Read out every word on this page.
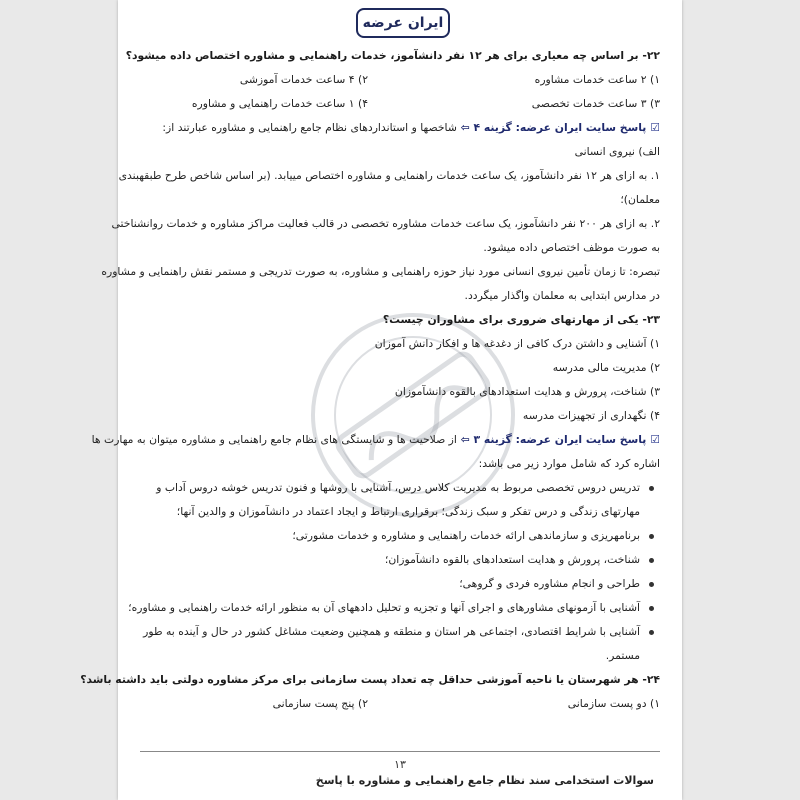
ایران عرضه
۲۲- بر اساس چه معیاری برای هر ۱۲ نفر دانشآموز، خدمات راهنمایی و مشاوره اختصاص داده میشود؟
۱) ۲ ساعت خدمات مشاوره
۲) ۴ ساعت خدمات آموزشی
۳) ۳ ساعت خدمات تخصصی
۴) ۱ ساعت خدمات راهنمایی و مشاوره
☑پاسخ سایت ایران عرضه: گزینه ۴ ⇦ شاخصها و استانداردهای نظام جامع راهنمایی و مشاوره عبارتند از:
الف) نیروی انسانی
۱. به ازای هر ۱۲ نفر دانشآموز، یک ساعت خدمات راهنمایی و مشاوره اختصاص مییابد. (بر اساس شاخص طرح طبقهبندی
معلمان)؛
۲. به ازای هر ۲۰۰ نفر دانشآموز، یک ساعت خدمات مشاوره تخصصی در قالب فعالیت مراکز مشاوره و خدمات روانشناختی
به صورت موظف اختصاص داده میشود.
تبصره: تا زمان تأمین نیروی انسانی مورد نیاز حوزه راهنمایی و مشاوره، به صورت تدریجی و مستمر نقش راهنمایی و مشاوره
در مدارس ابتدایی به معلمان واگذار میگردد.
۲۳- یکی از مهارتهای ضروری برای مشاوران چیست؟
۱) آشنایی و داشتن درک کافی از دغدغه ها و افکار دانش آموزان
۲) مدیریت مالی مدرسه
۳) شناخت، پرورش و هدایت استعدادهای بالقوه دانشآموزان
۴) نگهداری از تجهیزات مدرسه
☑پاسخ سایت ایران عرضه: گزینه ۳ ⇦ از صلاحیت ها و شایستگی های نظام جامع راهنمایی و مشاوره میتوان به مهارت ها
اشاره کرد که شامل موارد زیر می باشد:
تدریس دروس تخصصی مربوط به مدیریت کلاس درس، آشنایی با روشها و فنون تدریس خوشه دروس آداب و
مهارتهای زندگی و درس تفکر و سبک زندگی؛ برقراری ارتباط و ایجاد اعتماد در دانشآموزان و والدین آنها؛
برنامهریزی و سازماندهی ارائه خدمات راهنمایی و مشاوره و خدمات مشورتی؛
شناخت، پرورش و هدایت استعدادهای بالقوه دانشآموزان؛
طراحی و انجام مشاوره فردی و گروهی؛
آشنایی با آزمونهای مشاورهای و اجرای آنها و تجزیه و تحلیل دادههای آن به منظور ارائه خدمات راهنمایی و مشاوره؛
آشنایی با شرایط اقتصادی، اجتماعی هر استان و منطقه و همچنین وضعیت مشاغل کشور در حال و آینده به طور
مستمر.
۲۴- هر شهرستان یا ناحیه آموزشی حداقل چه تعداد پست سازمانی برای مرکز مشاوره دولتی باید داشته باشد؟
۱) دو پست سازمانی
۲) پنج پست سازمانی
۱۳
سوالات استخدامی سند نظام جامع راهنمایی و مشاوره با پاسخ
